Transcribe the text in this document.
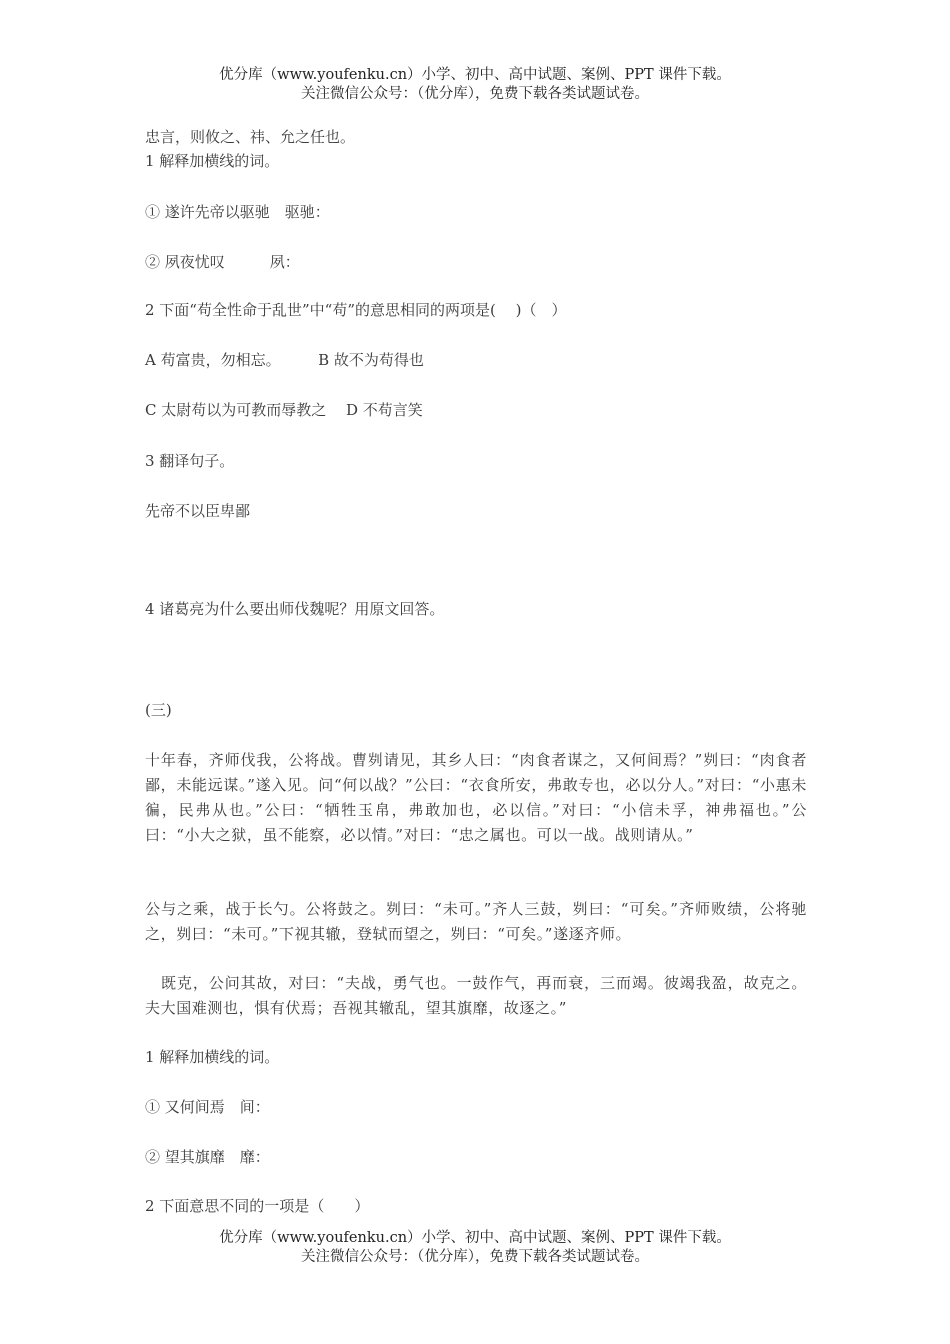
优分库（www.youfenku.cn）小学、初中、高中试题、案例、PPT 课件下载。
关注微信公众号：（优分库），免费下载各类试题试卷。
忠言，则攸之、祎、允之任也。
1 解释加横线的词。
① 遂许先帝以驱驰　驱驰：
② 夙夜忧叹　　　夙：
2 下面“苟全性命于乱世”中“苟”的意思相同的两项是(　 )（　）
A 苟富贵，勿相忘。　　　B 故不为苟得也
C 太尉苟以为可教而辱教之　 D 不苟言笑
3 翻译句子。
先帝不以臣卑鄙
4 诸葛亮为什么要出师伐魏呢？用原文回答。
(三)
十年春，齐师伐我，公将战。曹刿请见，其乡人曰：“肉食者谋之，又何间焉？”刿曰：“肉食者鄙，未能远谋。”遂入见。问“何以战？”公曰：“衣食所安，弗敢专也，必以分人。”对曰：“小惠未徧，民弗从也。”公曰：“牺牲玉帛，弗敢加也，必以信。”对曰：“小信未孚，神弗福也。”公曰：“小大之狱，虽不能察，必以情。”对曰：“忠之属也。可以一战。战则请从。”
公与之乘，战于长勺。公将鼓之。刿曰：“未可。”齐人三鼓，刿曰：“可矣。”齐师败绩，公将驰之，刿曰：“未可。”下视其辙，登轼而望之，刿曰：“可矣。”遂逐齐师。
　既克，公问其故，对曰：“夫战，勇气也。一鼓作气，再而衰，三而竭。彼竭我盈，故克之。夫大国难测也，惧有伏焉；吾视其辙乱，望其旗靡，故逐之。”
1 解释加横线的词。
① 又何间焉　间：
② 望其旗靡　靡：
2 下面意思不同的一项是（　　）
优分库（www.youfenku.cn）小学、初中、高中试题、案例、PPT 课件下载。
关注微信公众号：（优分库），免费下载各类试题试卷。
